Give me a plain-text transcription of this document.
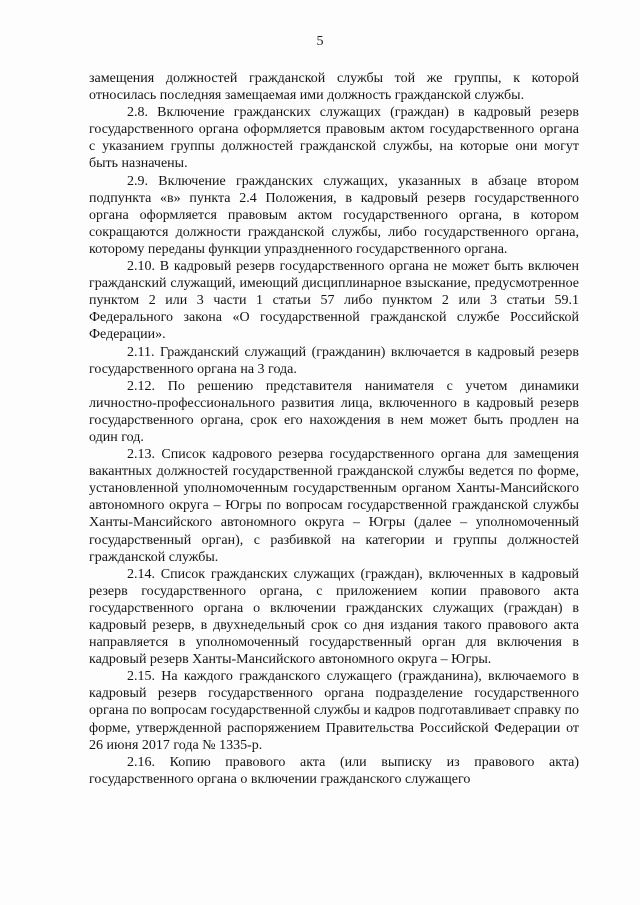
5

замещения должностей гражданской службы той же группы, к которой относилась последняя замещаемая ими должность гражданской службы.

2.8. Включение гражданских служащих (граждан) в кадровый резерв государственного органа оформляется правовым актом государственного органа с указанием группы должностей гражданской службы, на которые они могут быть назначены.

2.9. Включение гражданских служащих, указанных в абзаце втором подпункта «в» пункта 2.4 Положения, в кадровый резерв государственного органа оформляется правовым актом государственного органа, в котором сокращаются должности гражданской службы, либо государственного органа, которому переданы функции упраздненного государственного органа.

2.10. В кадровый резерв государственного органа не может быть включен гражданский служащий, имеющий дисциплинарное взыскание, предусмотренное пунктом 2 или 3 части 1 статьи 57 либо пунктом 2 или 3 статьи 59.1 Федерального закона «О государственной гражданской службе Российской Федерации».

2.11. Гражданский служащий (гражданин) включается в кадровый резерв государственного органа на 3 года.

2.12. По решению представителя нанимателя с учетом динамики личностно-профессионального развития лица, включенного в кадровый резерв государственного органа, срок его нахождения в нем может быть продлен на один год.

2.13. Список кадрового резерва государственного органа для замещения вакантных должностей государственной гражданской службы ведется по форме, установленной уполномоченным государственным органом Ханты-Мансийского автономного округа – Югры по вопросам государственной гражданской службы Ханты-Мансийского автономного округа – Югры (далее – уполномоченный государственный орган), с разбивкой на категории и группы должностей гражданской службы.

2.14. Список гражданских служащих (граждан), включенных в кадровый резерв государственного органа, с приложением копии правового акта государственного органа о включении гражданских служащих (граждан) в кадровый резерв, в двухнедельный срок со дня издания такого правового акта направляется в уполномоченный государственный орган для включения в кадровый резерв Ханты-Мансийского автономного округа – Югры.

2.15. На каждого гражданского служащего (гражданина), включаемого в кадровый резерв государственного органа подразделение государственного органа по вопросам государственной службы и кадров подготавливает справку по форме, утвержденной распоряжением Правительства Российской Федерации от 26 июня 2017 года № 1335-р.

2.16. Копию правового акта (или выписку из правового акта) государственного органа о включении гражданского служащего
